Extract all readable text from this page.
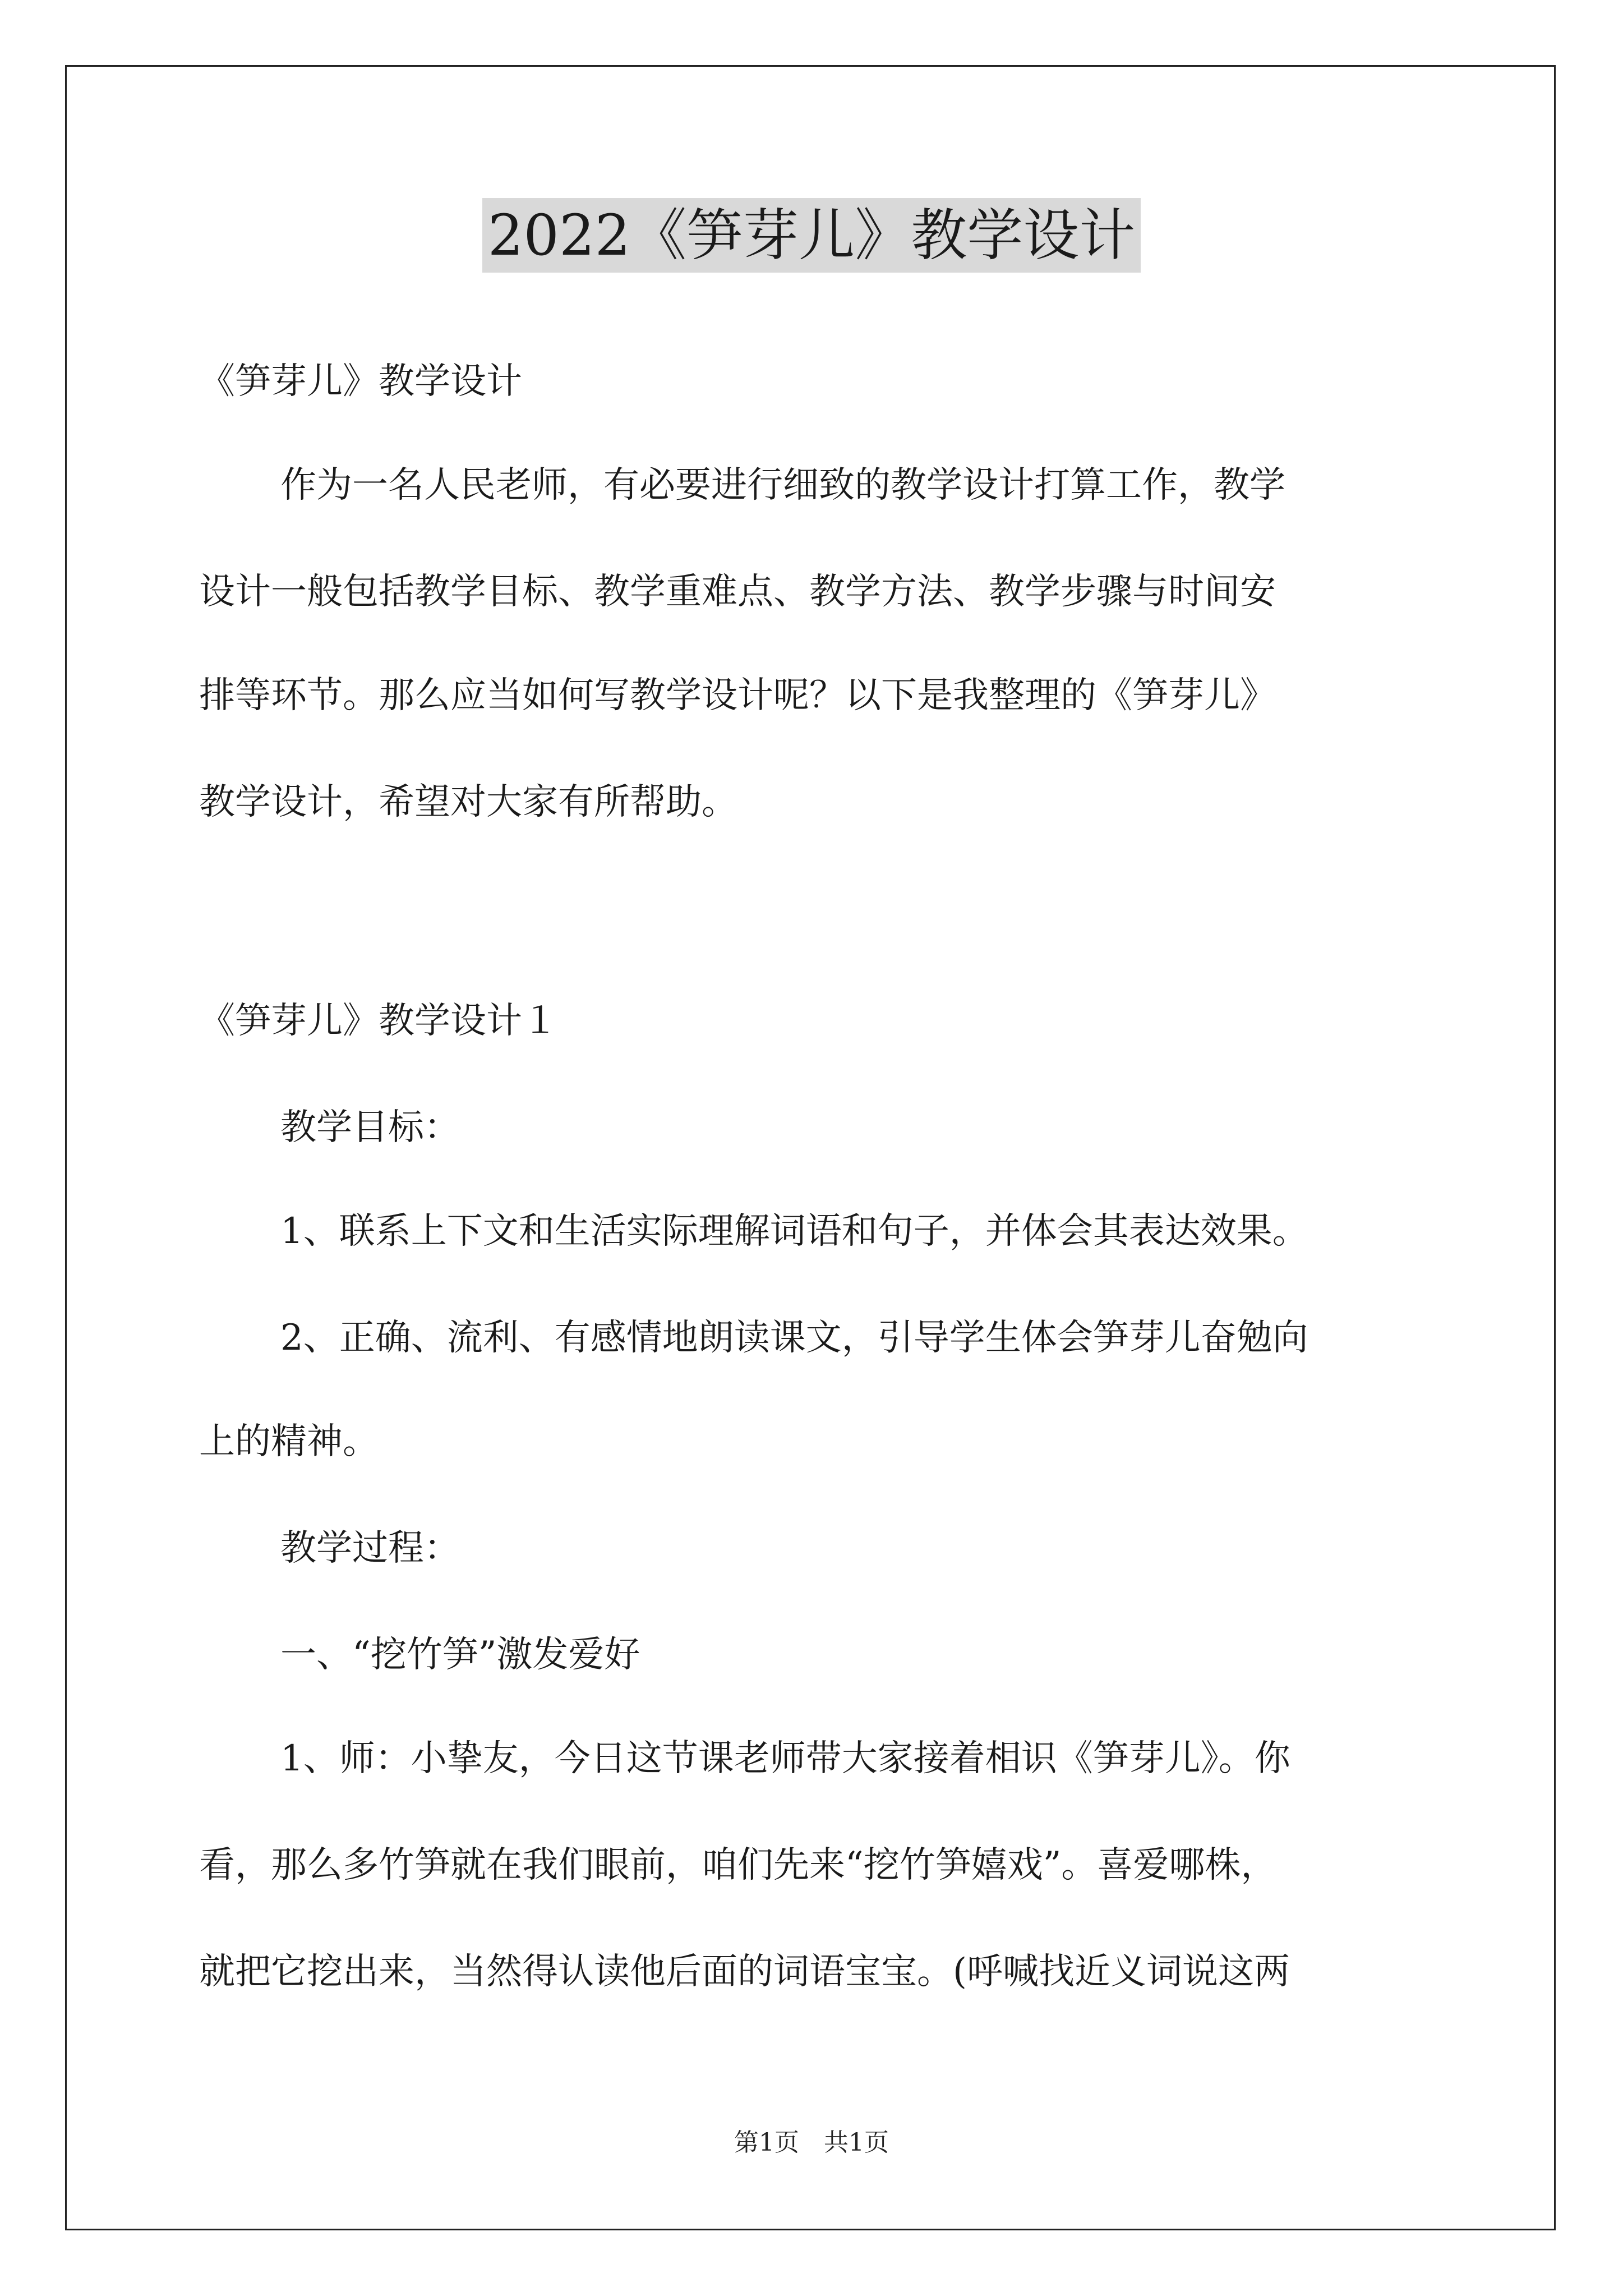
2022《笋芽儿》教学设计
《笋芽儿》教学设计
作为一名人民老师，有必要进行细致的教学设计打算工作，教学
设计一般包括教学目标、教学重难点、教学方法、教学步骤与时间安
排等环节。那么应当如何写教学设计呢？以下是我整理的《笋芽儿》
教学设计，希望对大家有所帮助。
《笋芽儿》教学设计１
教学目标：
1、联系上下文和生活实际理解词语和句子，并体会其表达效果。
2、正确、流利、有感情地朗读课文，引导学生体会笋芽儿奋勉向
上的精神。
教学过程：
一、“挖竹笋”激发爱好
1、师：小挚友，今日这节课老师带大家接着相识《笋芽儿》。你
看，那么多竹笋就在我们眼前，咱们先来“挖竹笋嬉戏”。喜爱哪株，
就把它挖出来，当然得认读他后面的词语宝宝。(呼喊找近义词说这两
第1页　共1页
